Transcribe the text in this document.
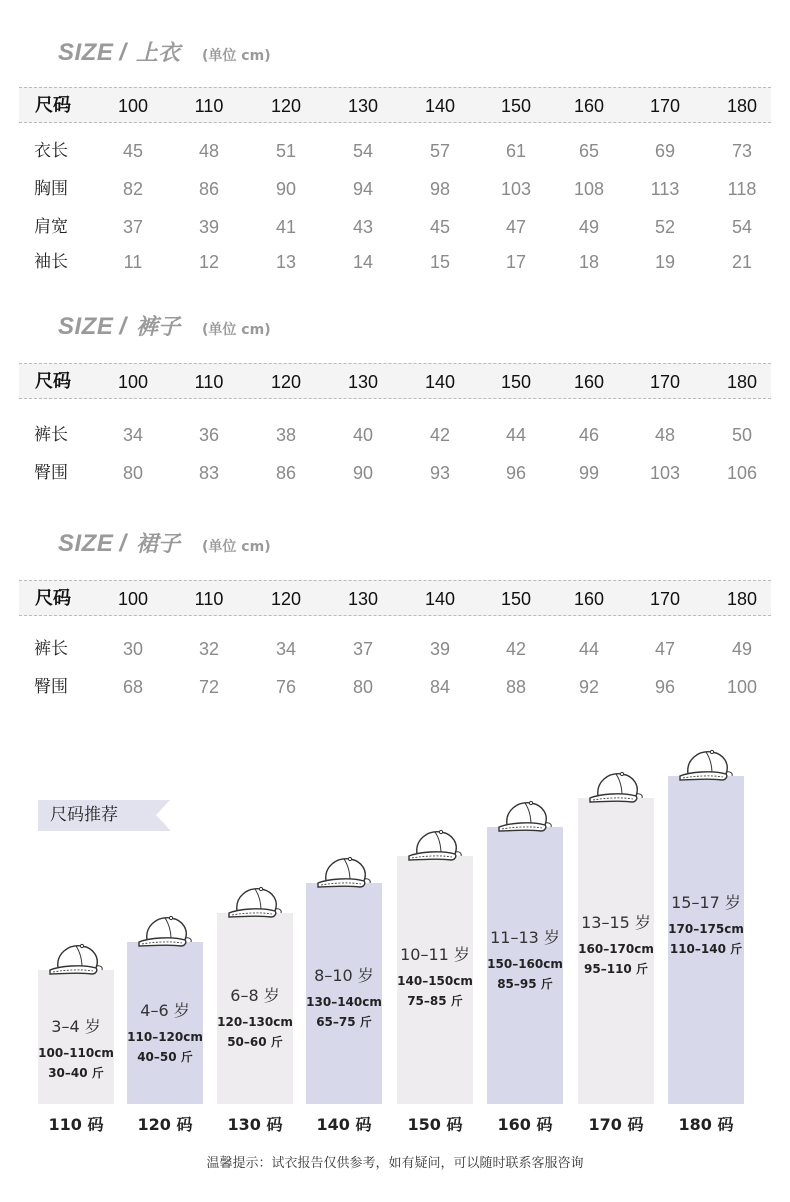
SIZE / 上衣 (单位 cm)
尺码	100	110	120	130	140	150	160	170	180
衣长	45	48	51	54	57	61	65	69	73
胸围	82	86	90	94	98	103	108	113	118
肩宽	37	39	41	43	45	47	49	52	54
袖长	11	12	13	14	15	17	18	19	21
SIZE / 裤子 (单位 cm)
尺码	100	110	120	130	140	150	160	170	180
裤长	34	36	38	40	42	44	46	48	50
臀围	80	83	86	90	93	96	99	103	106
SIZE / 裙子 (单位 cm)
尺码	100	110	120	130	140	150	160	170	180
裤长	30	32	34	37	39	42	44	47	49
臀围	68	72	76	80	84	88	92	96	100
尺码推荐
3–4 岁
100–110cm
30–40 斤
110 码
4–6 岁
110–120cm
40–50 斤
120 码
6–8 岁
120–130cm
50–60 斤
130 码
8–10 岁
130–140cm
65–75 斤
140 码
10–11 岁
140–150cm
75–85 斤
150 码
11–13 岁
150–160cm
85–95 斤
160 码
13–15 岁
160–170cm
95–110 斤
170 码
15–17 岁
170–175cm
110–140 斤
180 码
温馨提示：试衣报告仅供参考，如有疑问，可以随时联系客服咨询
